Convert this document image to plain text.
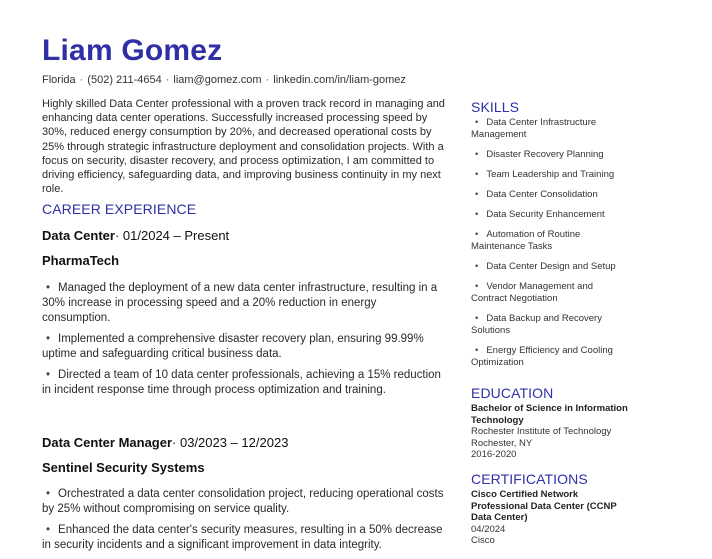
Liam Gomez
Florida · (502) 211-4654 · liam@gomez.com · linkedin.com/in/liam-gomez

Highly skilled Data Center professional with a proven track record in managing and enhancing data center operations. Successfully increased processing speed by 30%, reduced energy consumption by 20%, and decreased operational costs by 25% through strategic infrastructure deployment and consolidation projects. With a focus on security, disaster recovery, and process optimization, I am committed to driving efficiency, safeguarding data, and improving business continuity in my next role.

CAREER EXPERIENCE

Data Center· 01/2024 – Present

PharmaTech

• Managed the deployment of a new data center infrastructure, resulting in a 30% increase in processing speed and a 20% reduction in energy consumption.
• Implemented a comprehensive disaster recovery plan, ensuring 99.99% uptime and safeguarding critical business data.
• Directed a team of 10 data center professionals, achieving a 15% reduction in incident response time through process optimization and training.

Data Center Manager· 03/2023 – 12/2023

Sentinel Security Systems

• Orchestrated a data center consolidation project, reducing operational costs by 25% without compromising on service quality.
• Enhanced the data center's security measures, resulting in a 50% decrease in security incidents and a significant improvement in data integrity.
SKILLS
• Data Center Infrastructure Management
• Disaster Recovery Planning
• Team Leadership and Training
• Data Center Consolidation
• Data Security Enhancement
• Automation of Routine Maintenance Tasks
• Data Center Design and Setup
• Vendor Management and Contract Negotiation
• Data Backup and Recovery Solutions
• Energy Efficiency and Cooling Optimization
EDUCATION
Bachelor of Science in Information Technology
Rochester Institute of Technology
Rochester, NY
2016-2020
CERTIFICATIONS
Cisco Certified Network Professional Data Center (CCNP Data Center)
04/2024
Cisco
